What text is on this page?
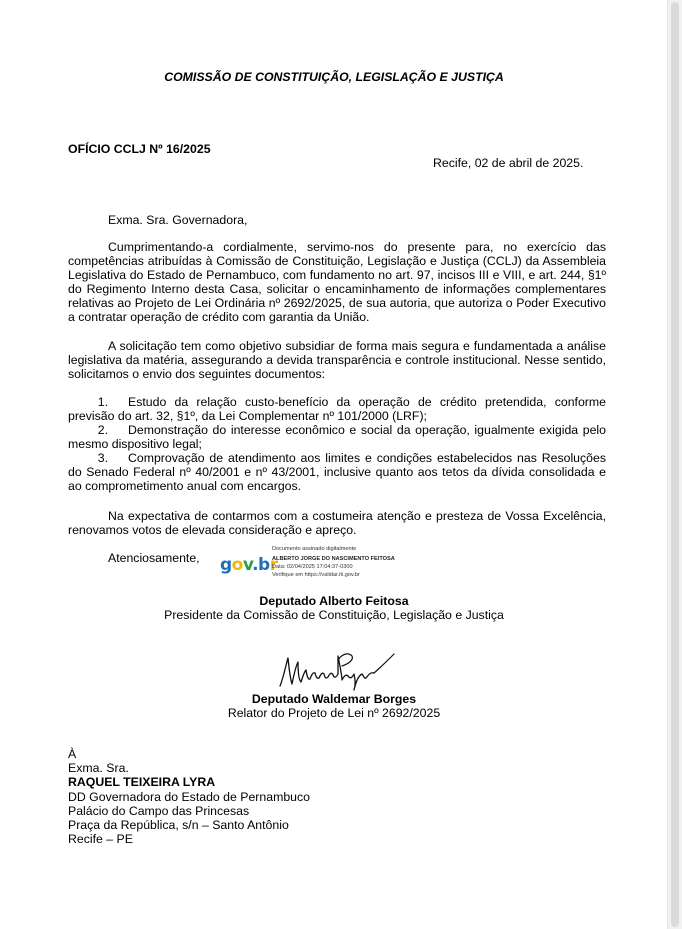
COMISSÃO DE CONSTITUIÇÃO, LEGISLAÇÃO E JUSTIÇA
OFÍCIO CCLJ Nº 16/2025
Recife, 02 de abril de 2025.
Exma. Sra. Governadora,

Cumprimentando-a cordialmente, servimo-nos do presente para, no exercício das competências atribuídas à Comissão de Constituição, Legislação e Justiça (CCLJ) da Assembleia Legislativa do Estado de Pernambuco, com fundamento no art. 97, incisos III e VIII, e art. 244, §1º do Regimento Interno desta Casa, solicitar o encaminhamento de informações complementares relativas ao Projeto de Lei Ordinária nº 2692/2025, de sua autoria, que autoriza o Poder Executivo a contratar operação de crédito com garantia da União.

A solicitação tem como objetivo subsidiar de forma mais segura e fundamentada a análise legislativa da matéria, assegurando a devida transparência e controle institucional. Nesse sentido, solicitamos o envio dos seguintes documentos:

1. Estudo da relação custo-benefício da operação de crédito pretendida, conforme previsão do art. 32, §1º, da Lei Complementar nº 101/2000 (LRF);
2. Demonstração do interesse econômico e social da operação, igualmente exigida pelo mesmo dispositivo legal;
3. Comprovação de atendimento aos limites e condições estabelecidos nas Resoluções do Senado Federal nº 40/2001 e nº 43/2001, inclusive quanto aos tetos da dívida consolidada e ao comprometimento anual com encargos.

Na expectativa de contarmos com a costumeira atenção e presteza de Vossa Excelência, renovamos votos de elevada consideração e apreço.

Atenciosamente, gov.br
Documento assinado digitalmente
ALBERTO JORGE DO NASCIMENTO FEITOSA
Data: 02/04/2025 17:04:37-0300
Verifique em https://validar.iti.gov.br
Deputado Alberto Feitosa
Presidente da Comissão de Constituição, Legislação e Justiça
Deputado Waldemar Borges
Relator do Projeto de Lei nº 2692/2025
À
Exma. Sra.
RAQUEL TEIXEIRA LYRA
DD Governadora do Estado de Pernambuco
Palácio do Campo das Princesas
Praça da República, s/n – Santo Antônio
Recife – PE
